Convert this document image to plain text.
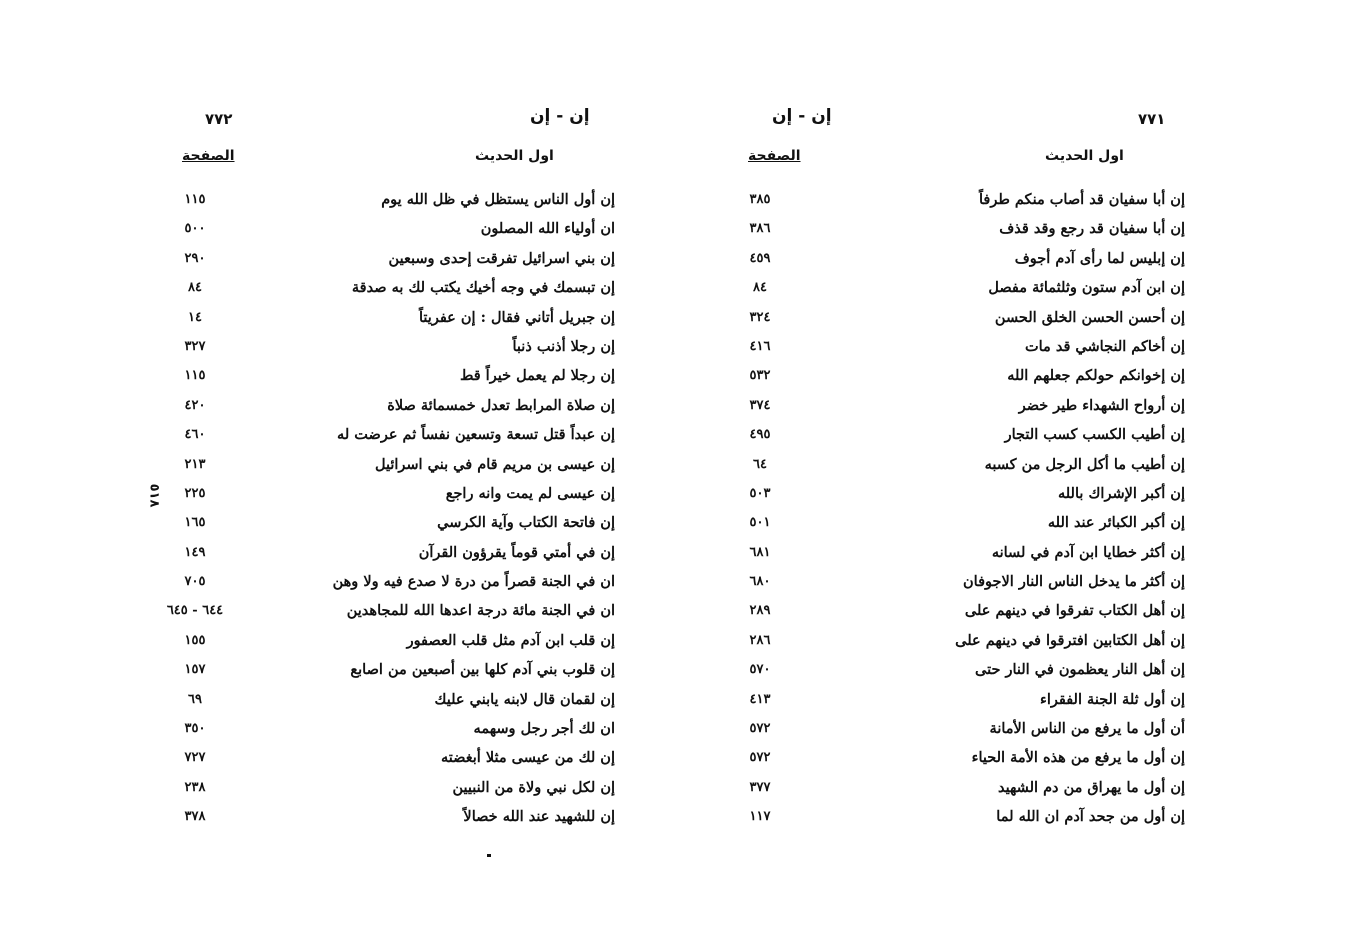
٧٧٢	إن - إن
اول الحديث
الصفحة
إن أول الناس يستظل في ظل الله يوم
١١٥
ان أولياء الله المصلون
٥٠٠
إن بني اسرائيل تفرقت إحدى وسبعين
٢٩٠
إن تبسمك في وجه أخيك يكتب لك به صدقة
٨٤
إن جبريل أتاني فقال : إن عفريتاً
١٤
إن رجلا أذنب ذنباً
٣٢٧
إن رجلا لم يعمل خيراً قط
١١٥
إن صلاة المرابط تعدل خمسمائة صلاة
٤٢٠
إن عبداً قتل تسعة وتسعين نفساً ثم عرضت له
٤٦٠
إن عيسى بن مريم قام في بني اسرائيل
٢١٣
إن عيسى لم يمت وانه راجع
٢٢٥
إن فاتحة الكتاب وآية الكرسي
١٦٥
إن في أمتي قوماً يقرؤون القرآن
١٤٩
ان في الجنة قصراً من درة لا صدع فيه ولا وهن
٧٠٥
ان في الجنة مائة درجة اعدها الله للمجاهدين
٦٤٤ - ٦٤٥
إن قلب ابن آدم مثل قلب العصفور
١٥٥
إن قلوب بني آدم كلها بين أصبعين من اصابع
١٥٧
إن لقمان قال لابنه يابني عليك
٦٩
ان لك أجر رجل وسهمه
٣٥٠
إن لك من عيسى مثلا أبغضته
٧٢٧
إن لكل نبي ولاة من النبيين
٢٣٨
إن للشهيد عند الله خصالاً
٣٧٨
٧٧١
إن - إن
اول الحديث
الصفحة
إن أبا سفيان قد أصاب منكم طرفاً
٣٨٥
إن أبا سفيان قد رجع وقد قذف
٣٨٦
إن إبليس لما رأى آدم أجوف
٤٥٩
إن ابن آدم ستون وثلثمائة مفصل
٨٤
إن أحسن الحسن الخلق الحسن
٣٢٤
إن أخاكم النجاشي قد مات
٤١٦
إن إخوانكم حولكم جعلهم الله
٥٣٢
إن أرواح الشهداء طير خضر
٣٧٤
إن أطيب الكسب كسب التجار
٤٩٥
إن أطيب ما أكل الرجل من كسبه
٦٤
إن أكبر الإشراك بالله
٥٠٣
إن أكبر الكبائر عند الله
٥٠١
إن أكثر خطايا ابن آدم في لسانه
٦٨١
إن أكثر ما يدخل الناس النار الاجوفان
٦٨٠
إن أهل الكتاب تفرقوا في دينهم على
٢٨٩
إن أهل الكتابين افترقوا في دينهم على
٢٨٦
إن أهل النار يعظمون في النار حتى
٥٧٠
إن أول ثلة الجنة الفقراء
٤١٣
أن أول ما يرفع من الناس الأمانة
٥٧٢
إن أول ما يرفع من هذه الأمة الحياء
٥٧٢
إن أول ما يهراق من دم الشهيد
٣٧٧
إن أول من جحد آدم ان الله لما
١١٧
٥١٨
